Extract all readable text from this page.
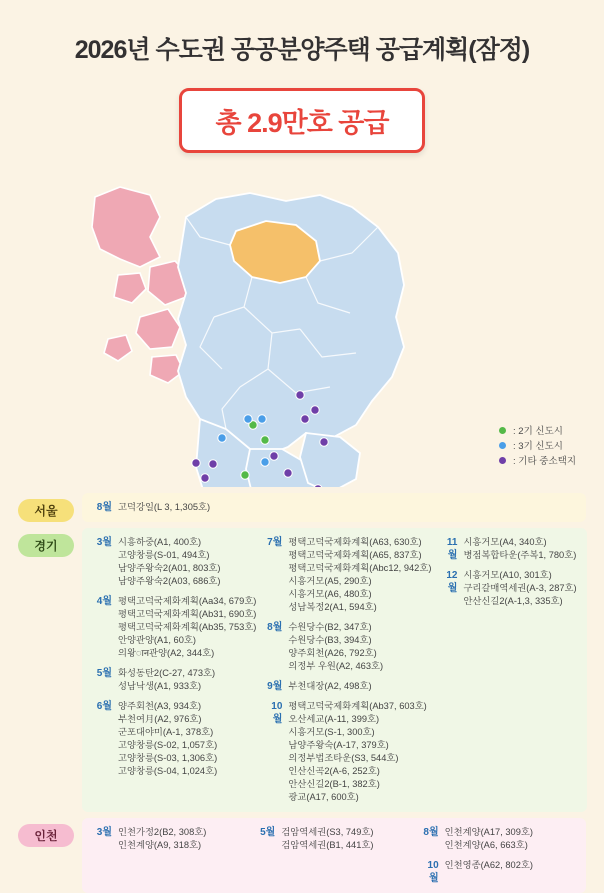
2026년 수도권 공공분양주택 공급계획(잠정)
총 2.9만호 공급
: 2기 신도시
: 3기 신도시
: 기타 중소택지
서울	8월 고덕강일(L 3, 1,305호)
경기	3월 시흥하중(A1, 400호)
고양창릉(S-01, 494호)
남양주왕숙2(A01, 803호)
남양주왕숙2(A03, 686호)
4월 평택고덕국제화계획(Aa34, 679호)
평택고덕국제화계획(Ab31, 690호)
평택고덕국제화계획(Ab35, 753호)
안양관양(A1, 60호)
의왕ान관양(A2, 344호)
5월 화성동탄2(C-27, 473호)
성남낙생(A1, 933호)
6월 양주회천(A3, 934호)
부천여月(A2, 976호)
군포대야미(A-1, 378호)
고양창릉(S-02, 1,057호)
고양창릉(S-03, 1,306호)
고양창릉(S-04, 1,024호)
7월 평택고덕국제화계획(A63, 630호)
평택고덕국제화계획(A65, 837호)
평택고덕국제화계획(Abc12, 942호)
시흥거모(A5, 290호)
시흥거모(A6, 480호)
성남복정2(A1, 594호)
8월 수원당수(B2, 347호)
수원당수(B3, 394호)
양주회천(A26, 792호)
의정부 우원(A2, 463호)
9월 부천대장(A2, 498호)
10월
평택고덕국제화계획(Ab37, 603호)
오산세교(A-11, 399호)
시흥거모(S-1, 300호)
남양주왕숙(A-17, 379호)
의정부법조타운(S3, 544호)
인산신곡2(A-6, 252호)
안산신길2(B-1, 382호)
광교(A17, 600호)
11월
시흥거모(A4, 340호)
병점복합타운(주복1, 780호)
12월
시흥거모(A10, 301호)
구리갈매역세권(A-3, 287호)
안산신길2(A-1,3, 335호)
인천	3월 인천가정2(B2, 308호)
인천계양(A9, 318호)
5월 검암역세권(S3, 749호)
검암역세권(B1, 441호)
8월 인천계양(A17, 309호)
인천계양(A6, 663호)
10월
인천영종(A62, 802호)
